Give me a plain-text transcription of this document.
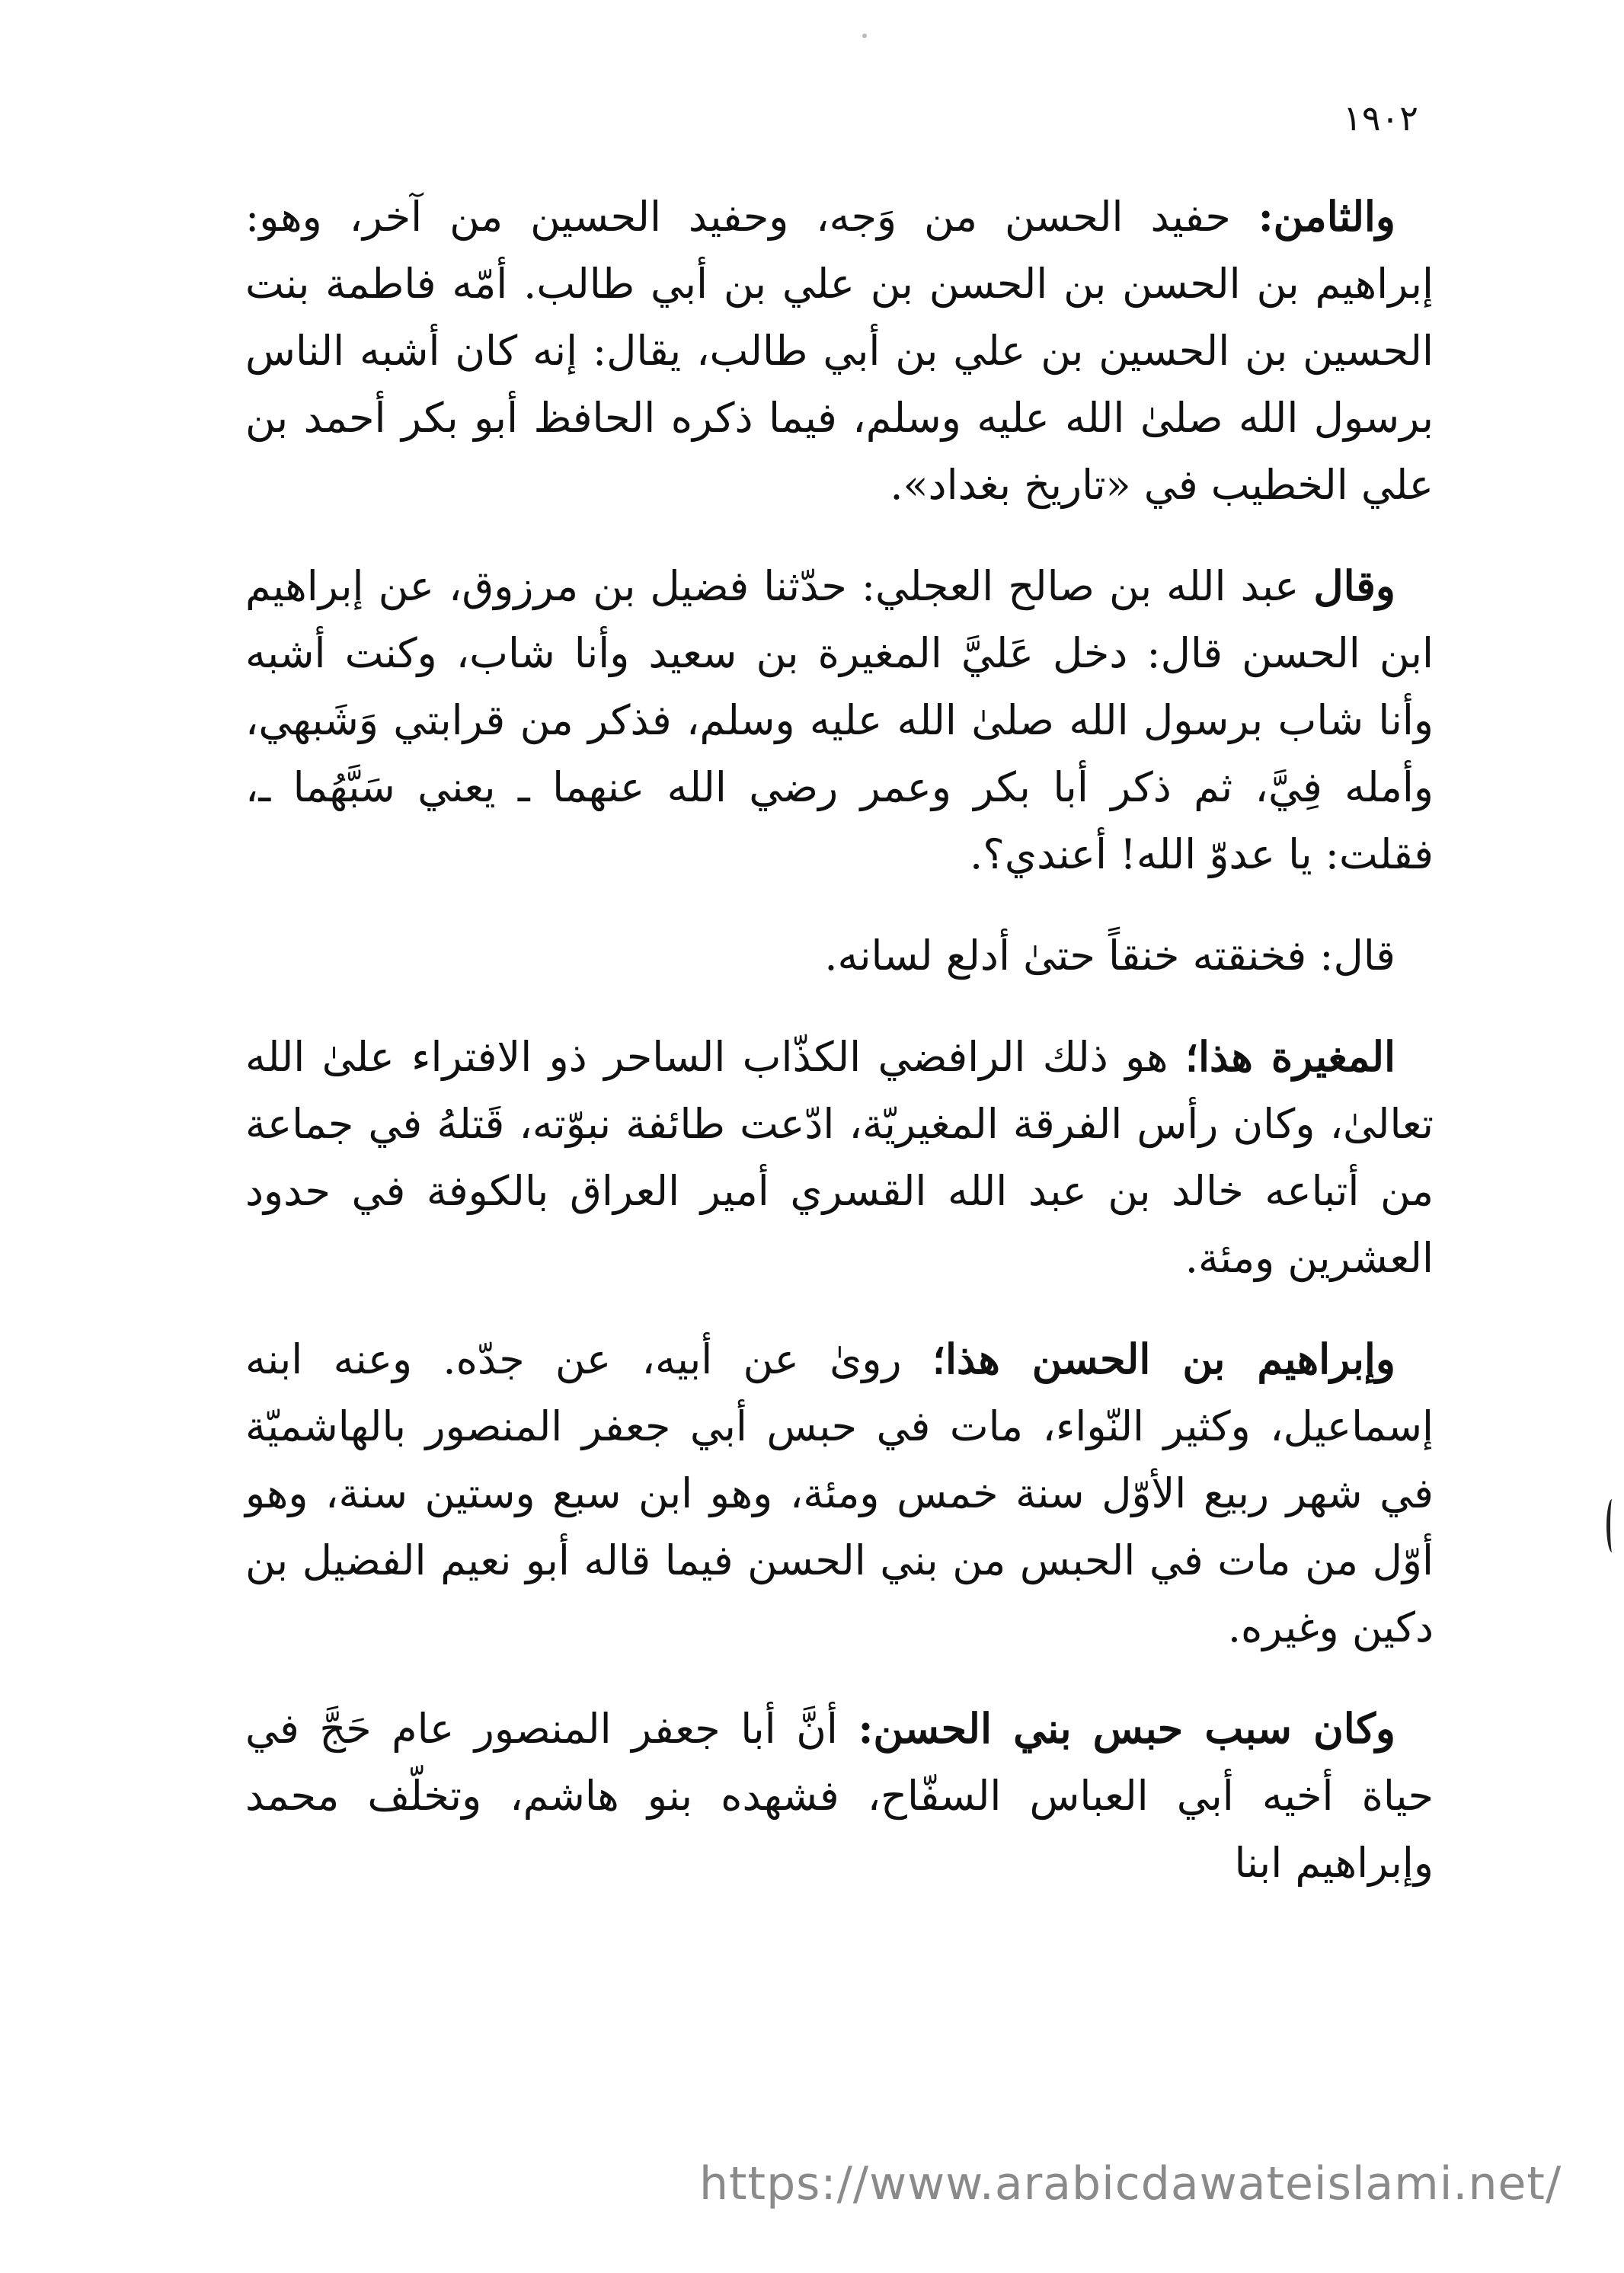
١٩٠٢

والثامن: حفيد الحسن من وَجه، وحفيد الحسين من آخر، وهو: إبراهيم بن الحسن بن الحسن بن علي بن أبي طالب. أمّه فاطمة بنت الحسين بن الحسين بن علي بن أبي طالب، يقال: إنه كان أشبه الناس برسول الله صلىٰ الله عليه وسلم، فيما ذكره الحافظ أبو بكر أحمد بن علي الخطيب في «تاريخ بغداد».

وقال عبد الله بن صالح العجلي: حدّثنا فضيل بن مرزوق، عن إبراهيم ابن الحسن قال: دخل عَليَّ المغيرة بن سعيد وأنا شاب، وكنت أشبه وأنا شاب برسول الله صلىٰ الله عليه وسلم، فذكر من قرابتي وَشَبهي، وأمله فِيَّ، ثم ذكر أبا بكر وعمر رضي الله عنهما ـ يعني سَبَّهُما ـ، فقلت: يا عدوّ الله! أعندي؟.

قال: فخنقته خنقاً حتىٰ أدلع لسانه.

المغيرة هذا؛ هو ذلك الرافضي الكذّاب الساحر ذو الافتراء علىٰ الله تعالىٰ، وكان رأس الفرقة المغيريّة، ادّعت طائفة نبوّته، قَتلهُ في جماعة من أتباعه خالد بن عبد الله القسري أمير العراق بالكوفة في حدود العشرين ومئة.

وإبراهيم بن الحسن هذا؛ روىٰ عن أبيه، عن جدّه. وعنه ابنه إسماعيل، وكثير النّواء، مات في حبس أبي جعفر المنصور بالهاشميّة في شهر ربيع الأوّل سنة خمس ومئة، وهو ابن سبع وستين سنة، وهو أوّل من مات في الحبس من بني الحسن فيما قاله أبو نعيم الفضيل بن دكين وغيره.

وكان سبب حبس بني الحسن: أنَّ أبا جعفر المنصور عام حَجَّ في حياة أخيه أبي العباس السفّاح، فشهده بنو هاشم، وتخلّف محمد وإبراهيم ابنا

https://www.arabicdawateislami.net/
